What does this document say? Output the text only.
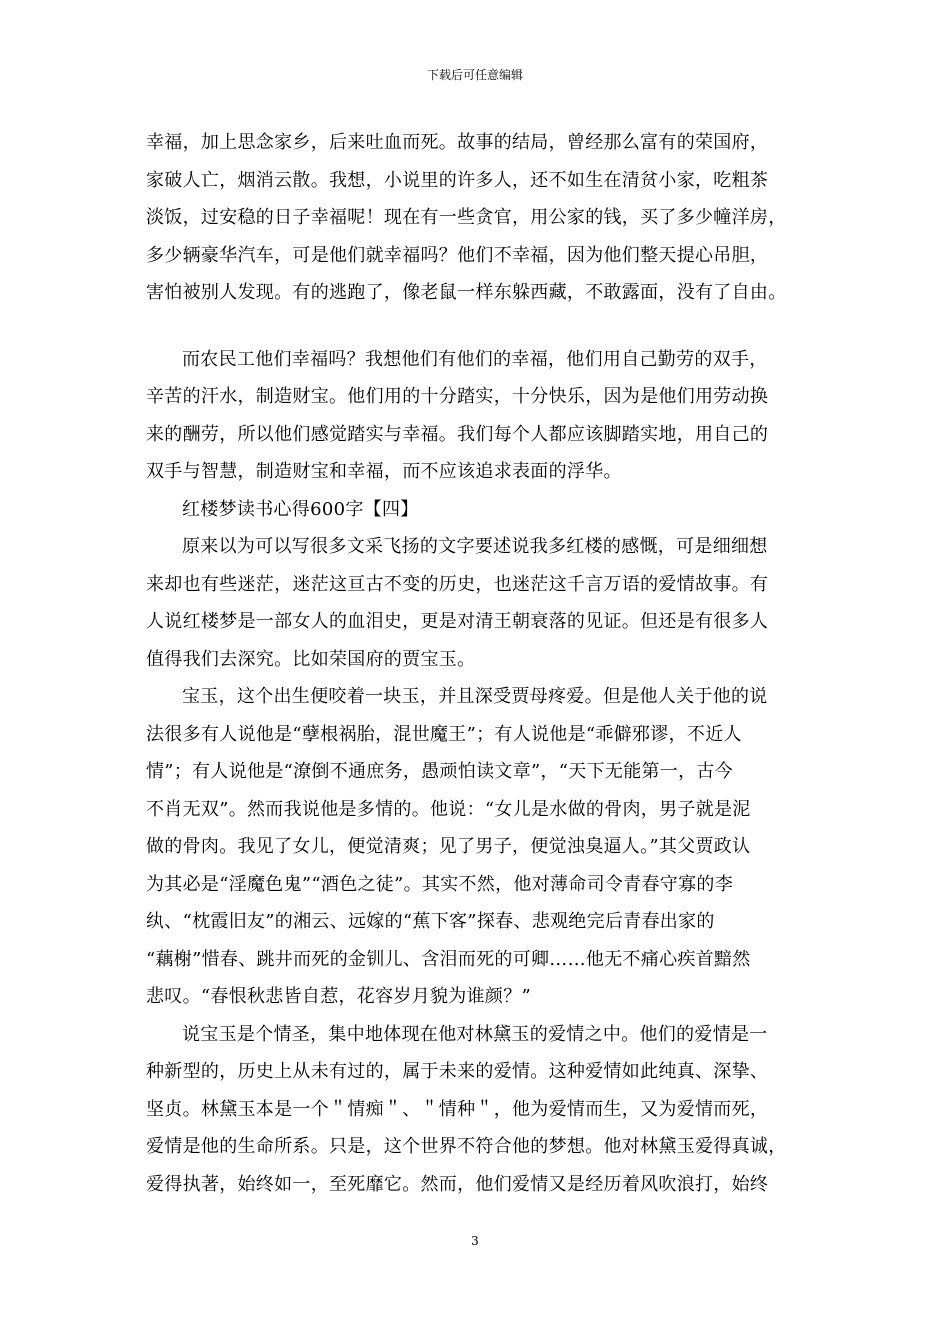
下载后可任意编辑
幸福，加上思念家乡，后来吐血而死。故事的结局，曾经那么富有的荣国府，
家破人亡，烟消云散。我想，小说里的许多人，还不如生在清贫小家，吃粗茶
淡饭，过安稳的日子幸福呢！现在有一些贪官，用公家的钱，买了多少幢洋房，
多少辆豪华汽车，可是他们就幸福吗？他们不幸福，因为他们整天提心吊胆，
害怕被别人发现。有的逃跑了，像老鼠一样东躲西藏，不敢露面，没有了自由。
而农民工他们幸福吗？我想他们有他们的幸福，他们用自己勤劳的双手，
辛苦的汗水，制造财宝。他们用的十分踏实，十分快乐，因为是他们用劳动换
来的酬劳，所以他们感觉踏实与幸福。我们每个人都应该脚踏实地，用自己的
双手与智慧，制造财宝和幸福，而不应该追求表面的浮华。
红楼梦读书心得600字【四】
原来以为可以写很多文采飞扬的文字要述说我多红楼的感慨，可是细细想
来却也有些迷茫，迷茫这亘古不变的历史，也迷茫这千言万语的爱情故事。有
人说红楼梦是一部女人的血泪史，更是对清王朝衰落的见证。但还是有很多人
值得我们去深究。比如荣国府的贾宝玉。
宝玉，这个出生便咬着一块玉，并且深受贾母疼爱。但是他人关于他的说
法很多有人说他是“孽根祸胎，混世魔王”；有人说他是“乖僻邪谬，不近人
情”；有人说他是“潦倒不通庶务，愚顽怕读文章”，“天下无能第一，古今
不肖无双”。然而我说他是多情的。他说：“女儿是水做的骨肉，男子就是泥
做的骨肉。我见了女儿，便觉清爽；见了男子，便觉浊臭逼人。”其父贾政认
为其必是“淫魔色鬼”“酒色之徒”。其实不然，他对薄命司令青春守寡的李
纨、“枕霞旧友”的湘云、远嫁的“蕉下客”探春、悲观绝完后青春出家的
“藕榭”惜春、跳井而死的金钏儿、含泪而死的可卿……他无不痛心疾首黯然
悲叹。“春恨秋悲皆自惹，花容岁月貌为谁颜？”
说宝玉是个情圣，集中地体现在他对林黛玉的爱情之中。他们的爱情是一
种新型的，历史上从未有过的，属于未来的爱情。这种爱情如此纯真、深挚、
坚贞。林黛玉本是一个＂情痴＂、＂情种＂，他为爱情而生，又为爱情而死，
爱情是他的生命所系。只是，这个世界不符合他的梦想。他对林黛玉爱得真诚，
爱得执著，始终如一，至死靡它。然而，他们爱情又是经历着风吹浪打，始终
3
